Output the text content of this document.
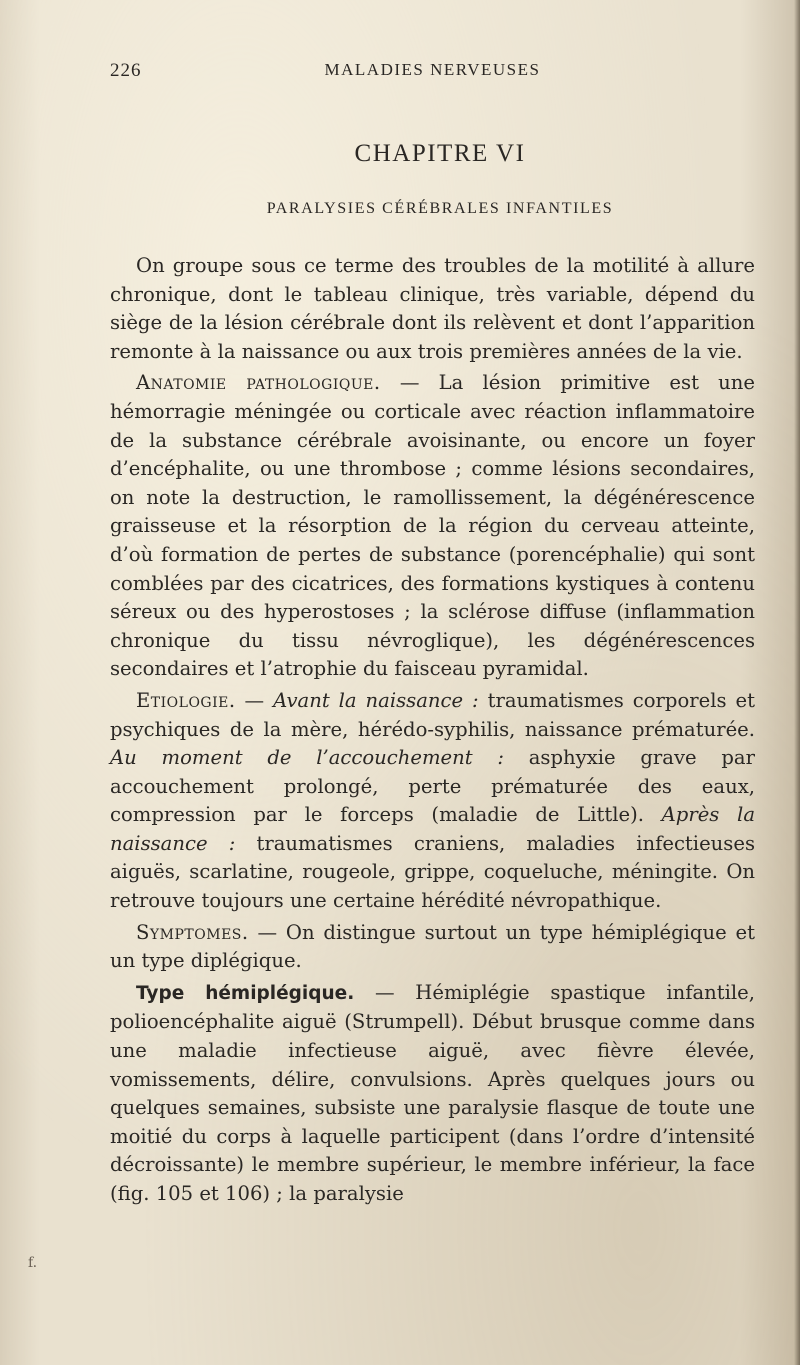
226	MALADIES NERVEUSES
CHAPITRE VI
PARALYSIES CÉRÉBRALES INFANTILES

On groupe sous ce terme des troubles de la motilité à allure chronique, dont le tableau clinique, très variable, dépend du siège de la lésion cérébrale dont ils relèvent et dont l’apparition remonte à la naissance ou aux trois premières années de la vie.

Anatomie pathologique. — La lésion primitive est une hémorragie méningée ou corticale avec réaction inflammatoire de la substance cérébrale avoisinante, ou encore un foyer d’encéphalite, ou une thrombose ; comme lésions secondaires, on note la destruction, le ramollissement, la dégénérescence graisseuse et la résorption de la région du cerveau atteinte, d’où formation de pertes de substance (porencéphalie) qui sont comblées par des cicatrices, des formations kystiques à contenu séreux ou des hyperostoses ; la sclérose diffuse (inflammation chronique du tissu névroglique), les dégénérescences secondaires et l’atrophie du faisceau pyramidal.

Etiologie. — Avant la naissance : traumatismes corporels et psychiques de la mère, hérédo-syphilis, naissance prématurée. Au moment de l’accouchement : asphyxie grave par accouchement prolongé, perte prématurée des eaux, compression par le forceps (maladie de Little). Après la naissance : traumatismes craniens, maladies infectieuses aiguës, scarlatine, rougeole, grippe, coqueluche, méningite. On retrouve toujours une certaine hérédité névropathique.

Symptomes. — On distingue surtout un type hémiplégique et un type diplégique.

Type hémiplégique. — Hémiplégie spastique infantile, polioencéphalite aiguë (Strumpell). Début brusque comme dans une maladie infectieuse aiguë, avec fièvre élevée, vomissements, délire, convulsions. Après quelques jours ou quelques semaines, subsiste une paralysie flasque de toute une moitié du corps à laquelle participent (dans l’ordre d’intensité décroissante) le membre supérieur, le membre inférieur, la face (fig. 105 et 106) ; la paralysie

f.
